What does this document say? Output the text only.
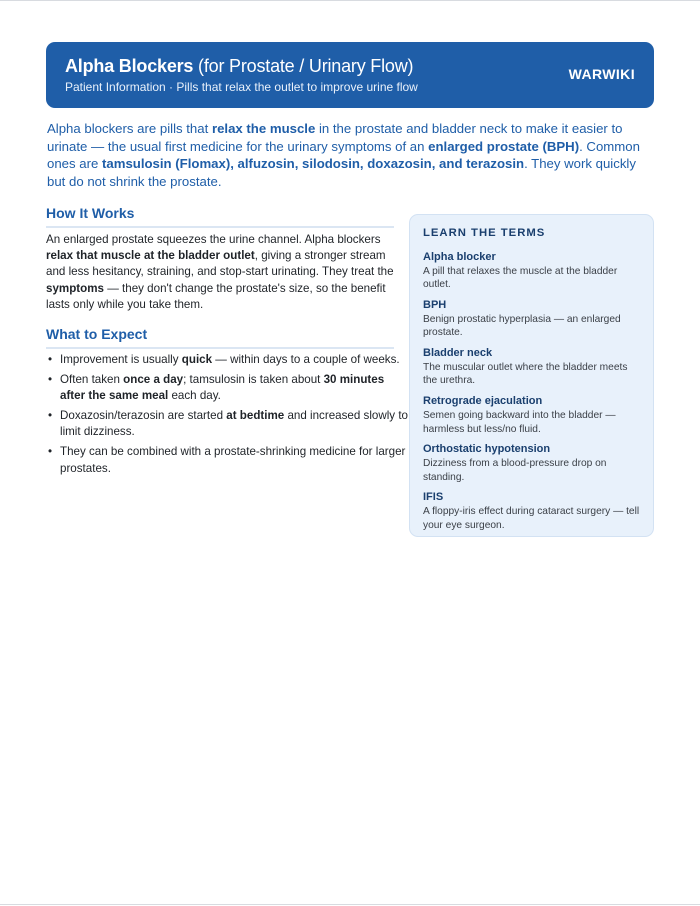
Alpha Blockers (for Prostate / Urinary Flow)
Patient Information · Pills that relax the outlet to improve urine flow
WARWIKI
Alpha blockers are pills that relax the muscle in the prostate and bladder neck to make it easier to urinate — the usual first medicine for the urinary symptoms of an enlarged prostate (BPH). Common ones are tamsulosin (Flomax), alfuzosin, silodosin, doxazosin, and terazosin. They work quickly but do not shrink the prostate.
How It Works
An enlarged prostate squeezes the urine channel. Alpha blockers relax that muscle at the bladder outlet, giving a stronger stream and less hesitancy, straining, and stop-start urinating. They treat the symptoms — they don't change the prostate's size, so the benefit lasts only while you take them.
What to Expect
• Improvement is usually quick — within days to a couple of weeks.
• Often taken once a day; tamsulosin is taken about 30 minutes after the same meal each day.
• Doxazosin/terazosin are started at bedtime and increased slowly to limit dizziness.
• They can be combined with a prostate-shrinking medicine for larger prostates.
LEARN THE TERMS
Alpha blocker
A pill that relaxes the muscle at the bladder outlet.
BPH
Benign prostatic hyperplasia — an enlarged prostate.
Bladder neck
The muscular outlet where the bladder meets the urethra.
Retrograde ejaculation
Semen going backward into the bladder — harmless but less/no fluid.
Orthostatic hypotension
Dizziness from a blood-pressure drop on standing.
IFIS
A floppy-iris effect during cataract surgery — tell your eye surgeon.
